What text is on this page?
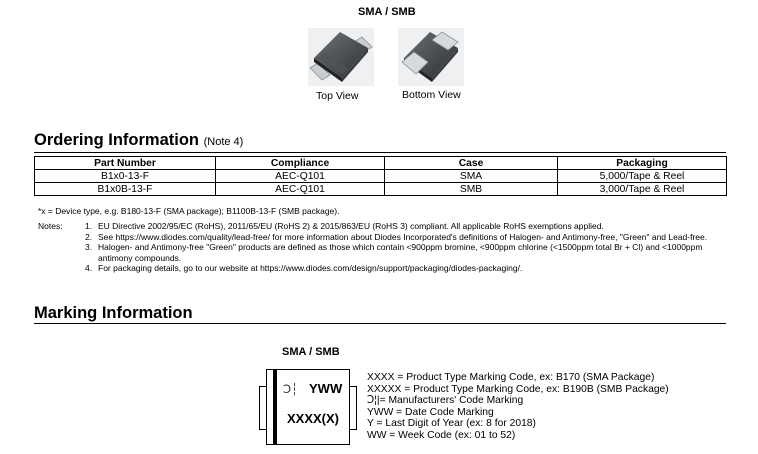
SMA / SMB
Top View	Bottom View
Ordering Information (Note 4)
Part Number	Compliance	Case	Packaging
B1x0-13-F	AEC-Q101	SMA	5,000/Tape & Reel
B1x0B-13-F	AEC-Q101	SMB	3,000/Tape & Reel
*x = Device type, e.g. B180-13-F (SMA package); B1100B-13-F (SMB package).
Notes:	1. EU Directive 2002/95/EC (RoHS), 2011/65/EU (RoHS 2) & 2015/863/EU (RoHS 3) compliant. All applicable RoHS exemptions applied.
2. See https://www.diodes.com/quality/lead-free/ for more information about Diodes Incorporated's definitions of Halogen- and Antimony-free, "Green" and Lead-free.
3. Halogen- and Antimony-free "Green" products are defined as those which contain <900ppm bromine, <900ppm chlorine (<1500ppm total Br + Cl) and <1000ppm antimony compounds.
4. For packaging details, go to our website at https://www.diodes.com/design/support/packaging/diodes-packaging/.
Marking Information
SMA / SMB
Ↄ┆ YWW
XXXX(X)
XXXX = Product Type Marking Code, ex: B170 (SMA Package)
XXXXX = Product Type Marking Code, ex: B190B (SMB Package)
Ↄ¦|= Manufacturers' Code Marking
YWW = Date Code Marking
Y = Last Digit of Year (ex: 8 for 2018)
WW = Week Code (ex: 01 to 52)
